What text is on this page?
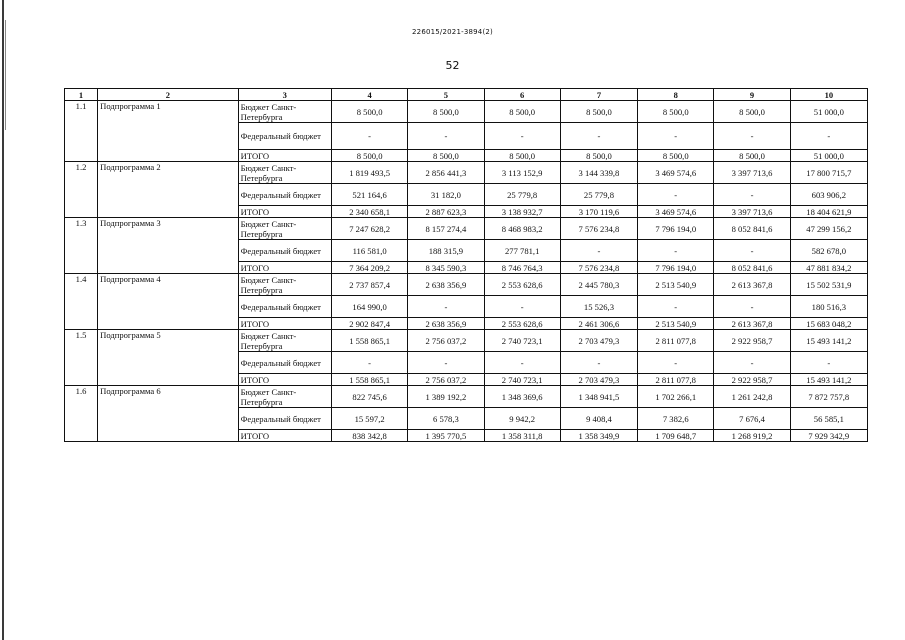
226015/2021-3894(2)
52
1	2	3	4	5	6	7	8	9	10
1.1	Подпрограмма 1	Бюджет Санкт-Петербурга	8 500,0	8 500,0	8 500,0	8 500,0	8 500,0	8 500,0	51 000,0
		Федеральный бюджет	-	-	-	-	-	-	-
		ИТОГО	8 500,0	8 500,0	8 500,0	8 500,0	8 500,0	8 500,0	51 000,0
1.2	Подпрограмма 2	Бюджет Санкт-Петербурга	1 819 493,5	2 856 441,3	3 113 152,9	3 144 339,8	3 469 574,6	3 397 713,6	17 800 715,7
		Федеральный бюджет	521 164,6	31 182,0	25 779,8	25 779,8	-	-	603 906,2
		ИТОГО	2 340 658,1	2 887 623,3	3 138 932,7	3 170 119,6	3 469 574,6	3 397 713,6	18 404 621,9
1.3	Подпрограмма 3	Бюджет Санкт-Петербурга	7 247 628,2	8 157 274,4	8 468 983,2	7 576 234,8	7 796 194,0	8 052 841,6	47 299 156,2
		Федеральный бюджет	116 581,0	188 315,9	277 781,1	-	-	-	582 678,0
		ИТОГО	7 364 209,2	8 345 590,3	8 746 764,3	7 576 234,8	7 796 194,0	8 052 841,6	47 881 834,2
1.4	Подпрограмма 4	Бюджет Санкт-Петербурга	2 737 857,4	2 638 356,9	2 553 628,6	2 445 780,3	2 513 540,9	2 613 367,8	15 502 531,9
		Федеральный бюджет	164 990,0	-	-	15 526,3	-	-	180 516,3
		ИТОГО	2 902 847,4	2 638 356,9	2 553 628,6	2 461 306,6	2 513 540,9	2 613 367,8	15 683 048,2
1.5	Подпрограмма 5	Бюджет Санкт-Петербурга	1 558 865,1	2 756 037,2	2 740 723,1	2 703 479,3	2 811 077,8	2 922 958,7	15 493 141,2
		Федеральный бюджет	-	-	-	-	-	-	-
		ИТОГО	1 558 865,1	2 756 037,2	2 740 723,1	2 703 479,3	2 811 077,8	2 922 958,7	15 493 141,2
1.6	Подпрограмма 6	Бюджет Санкт-Петербурга	822 745,6	1 389 192,2	1 348 369,6	1 348 941,5	1 702 266,1	1 261 242,8	7 872 757,8
		Федеральный бюджет	15 597,2	6 578,3	9 942,2	9 408,4	7 382,6	7 676,4	56 585,1
		ИТОГО	838 342,8	1 395 770,5	1 358 311,8	1 358 349,9	1 709 648,7	1 268 919,2	7 929 342,9
